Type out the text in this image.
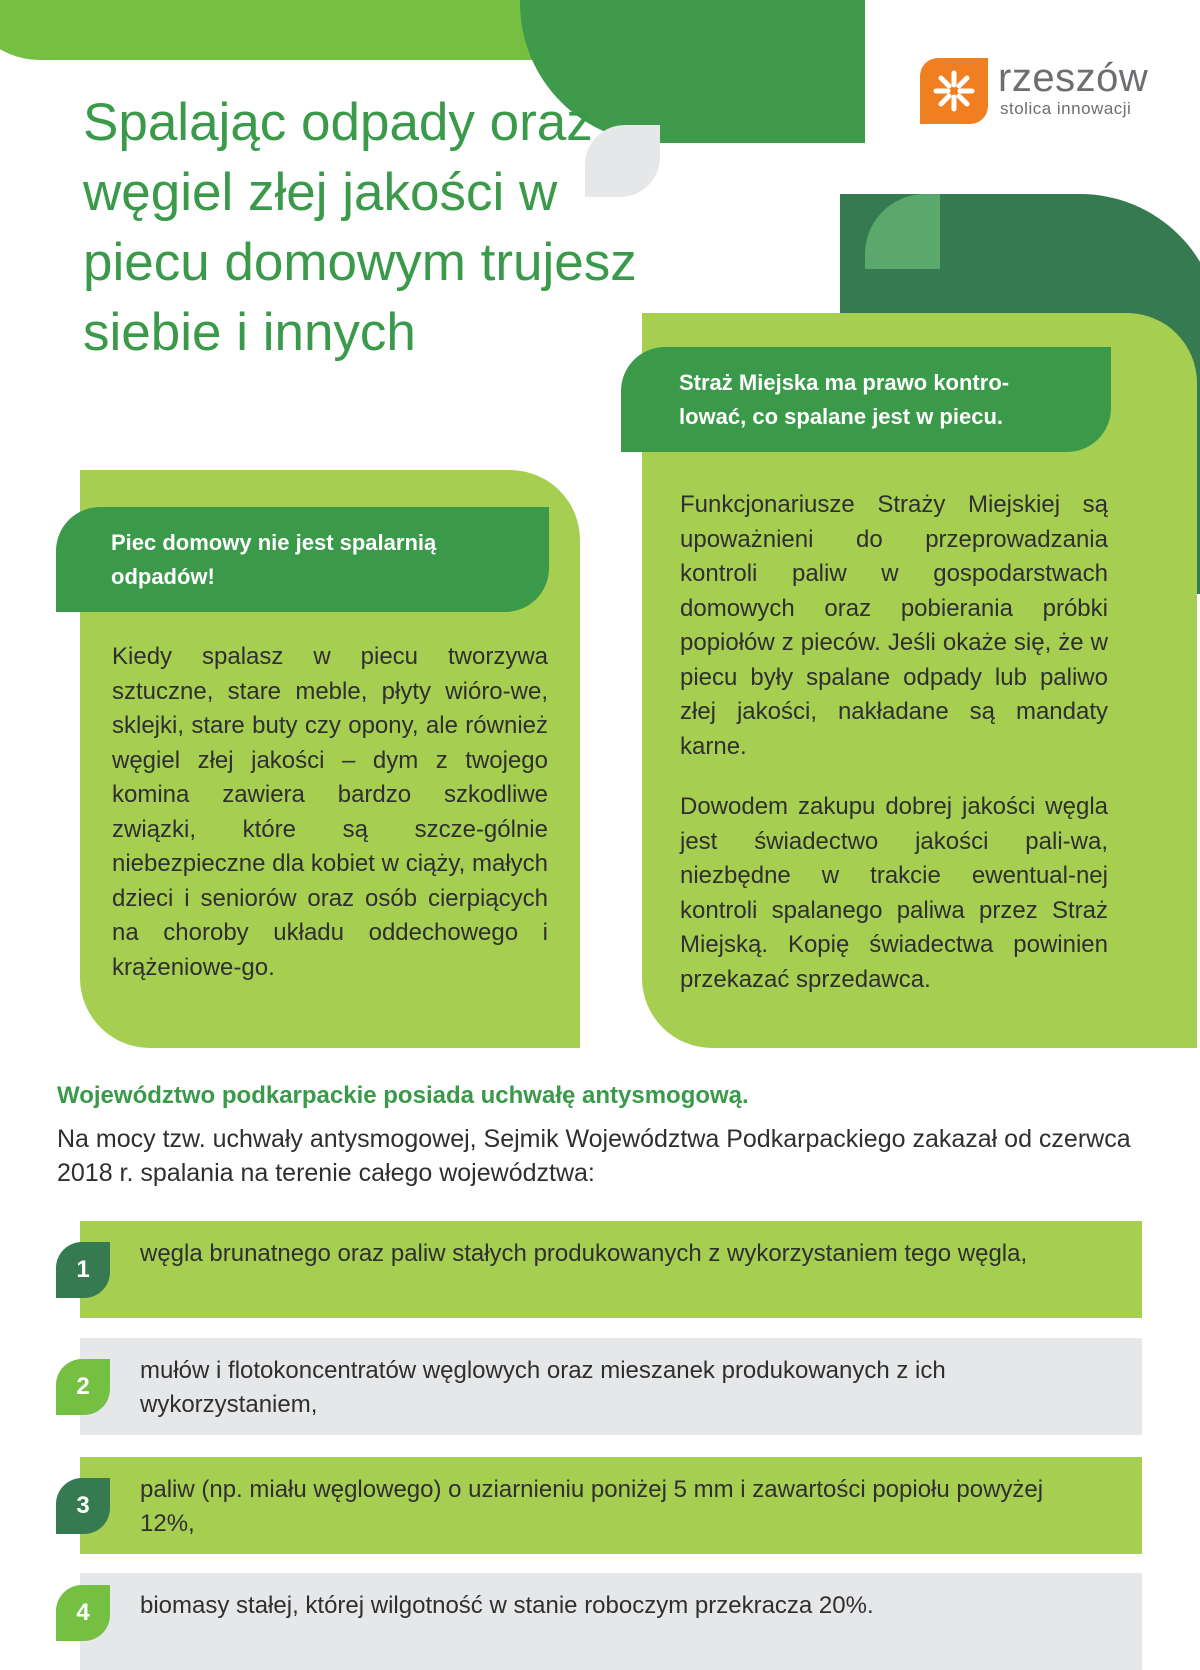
rzeszów
stolica innowacji
Spalając odpady oraz węgiel złej jakości w piecu domowym trujesz siebie i innych
Piec domowy nie jest spalarnią odpadów!

Kiedy spalasz w piecu tworzywa sztuczne, stare meble, płyty wióro-we, sklejki, stare buty czy opony, ale również węgiel złej jakości – dym z twojego komina zawiera bardzo szkodliwe związki, które są szcze-gólnie niebezpieczne dla kobiet w ciąży, małych dzieci i seniorów oraz osób cierpiących na choroby układu oddechowego i krążeniowe-go.

Straż Miejska ma prawo kontro-lować, co spalane jest w piecu.

Funkcjonariusze Straży Miejskiej są upoważnieni do przeprowadzania kontroli paliw w gospodarstwach domowych oraz pobierania próbki popiołów z pieców. Jeśli okaże się, że w piecu były spalane odpady lub paliwo złej jakości, nakładane są mandaty karne.

Dowodem zakupu dobrej jakości węgla jest świadectwo jakości pali-wa, niezbędne w trakcie ewentual-nej kontroli spalanego paliwa przez Straż Miejską. Kopię świadectwa powinien przekazać sprzedawca.

Województwo podkarpackie posiada uchwałę antysmogową.

Na mocy tzw. uchwały antysmogowej, Sejmik Województwa Podkarpackiego zakazał od czerwca 2018 r. spalania na terenie całego województwa:

węgla brunatnego oraz paliw stałych produkowanych z wykorzystaniem tego węgla,
mułów i flotokoncentratów węglowych oraz mieszanek produkowanych z ich wykorzystaniem,
paliw (np. miału węglowego) o uziarnieniu poniżej 5 mm i zawartości popiołu powyżej 12%,
biomasy stałej, której wilgotność w stanie roboczym przekracza 20%.
1
2
3
4
